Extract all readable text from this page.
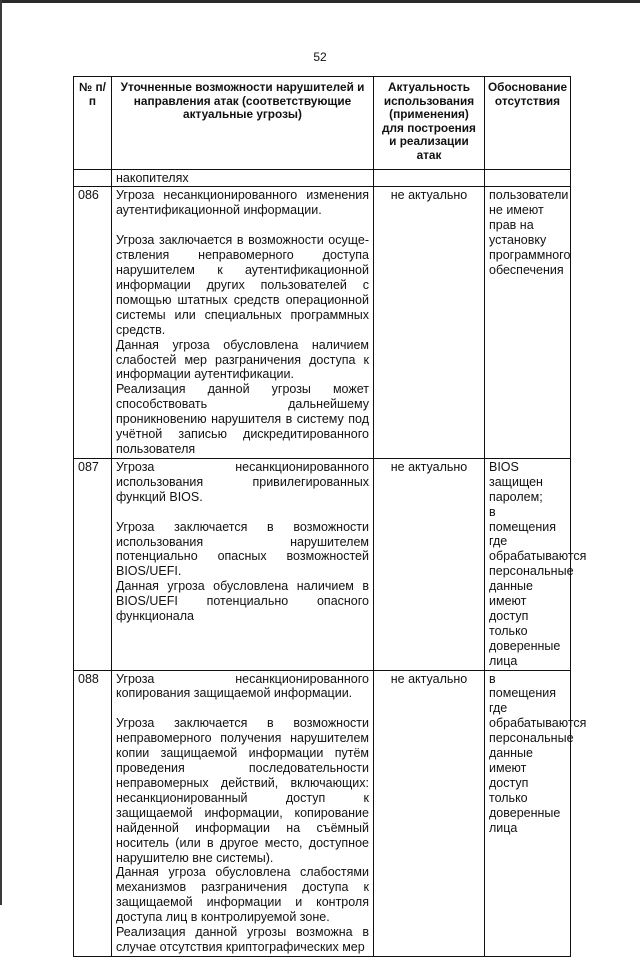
52
№ п/п	Уточненные возможности нарушителей и направления атак (соответствующие актуальные угрозы)	Актуальность использования (применения) для построения и реализации атак	Обоснование отсутствия
	накопителях		
086	Угроза несанкционированного изменения аутентификационной информации.
Угроза заключается в возможности осуще-ствления неправомерного доступа нарушителем к аутентификационной информации других пользователей с помощью штатных средств операционной системы или специальных программных средств.
Данная угроза обусловлена наличием слабостей мер разграничения доступа к информации аутентификации.
Реализация данной угрозы может способствовать дальнейшему проникновению нарушителя в систему под учётной записью дискредитированного пользователя	не актуально	пользователи не имеют прав на установку программного обеспечения
087	Угроза несанкционированного использования привилегированных функций BIOS.
Угроза заключается в возможности использования нарушителем потенциально опасных возможностей BIOS/UEFI.
Данная угроза обусловлена наличием в BIOS/UEFI потенциально опасного функционала	не актуально	BIOS защищен паролем;
в помещения где обрабатываются персональные данные имеют доступ только доверенные лица

088	Угроза несанкционированного копирования защищаемой информации.
Угроза заключается в возможности неправомерного получения нарушителем копии защищаемой информации путём проведения последовательности неправомерных действий, включающих: несанкционированный доступ к защищаемой информации, копирование найденной информации на съёмный носитель (или в другое место, доступное нарушителю вне системы).
Данная угроза обусловлена слабостями механизмов разграничения доступа к защищаемой информации и контроля доступа лиц в контролируемой зоне.
Реализация данной угрозы возможна в случае отсутствия криптографических мер	не актуально	в помещения где обрабатываются персональные данные имеют доступ только доверенные лица
